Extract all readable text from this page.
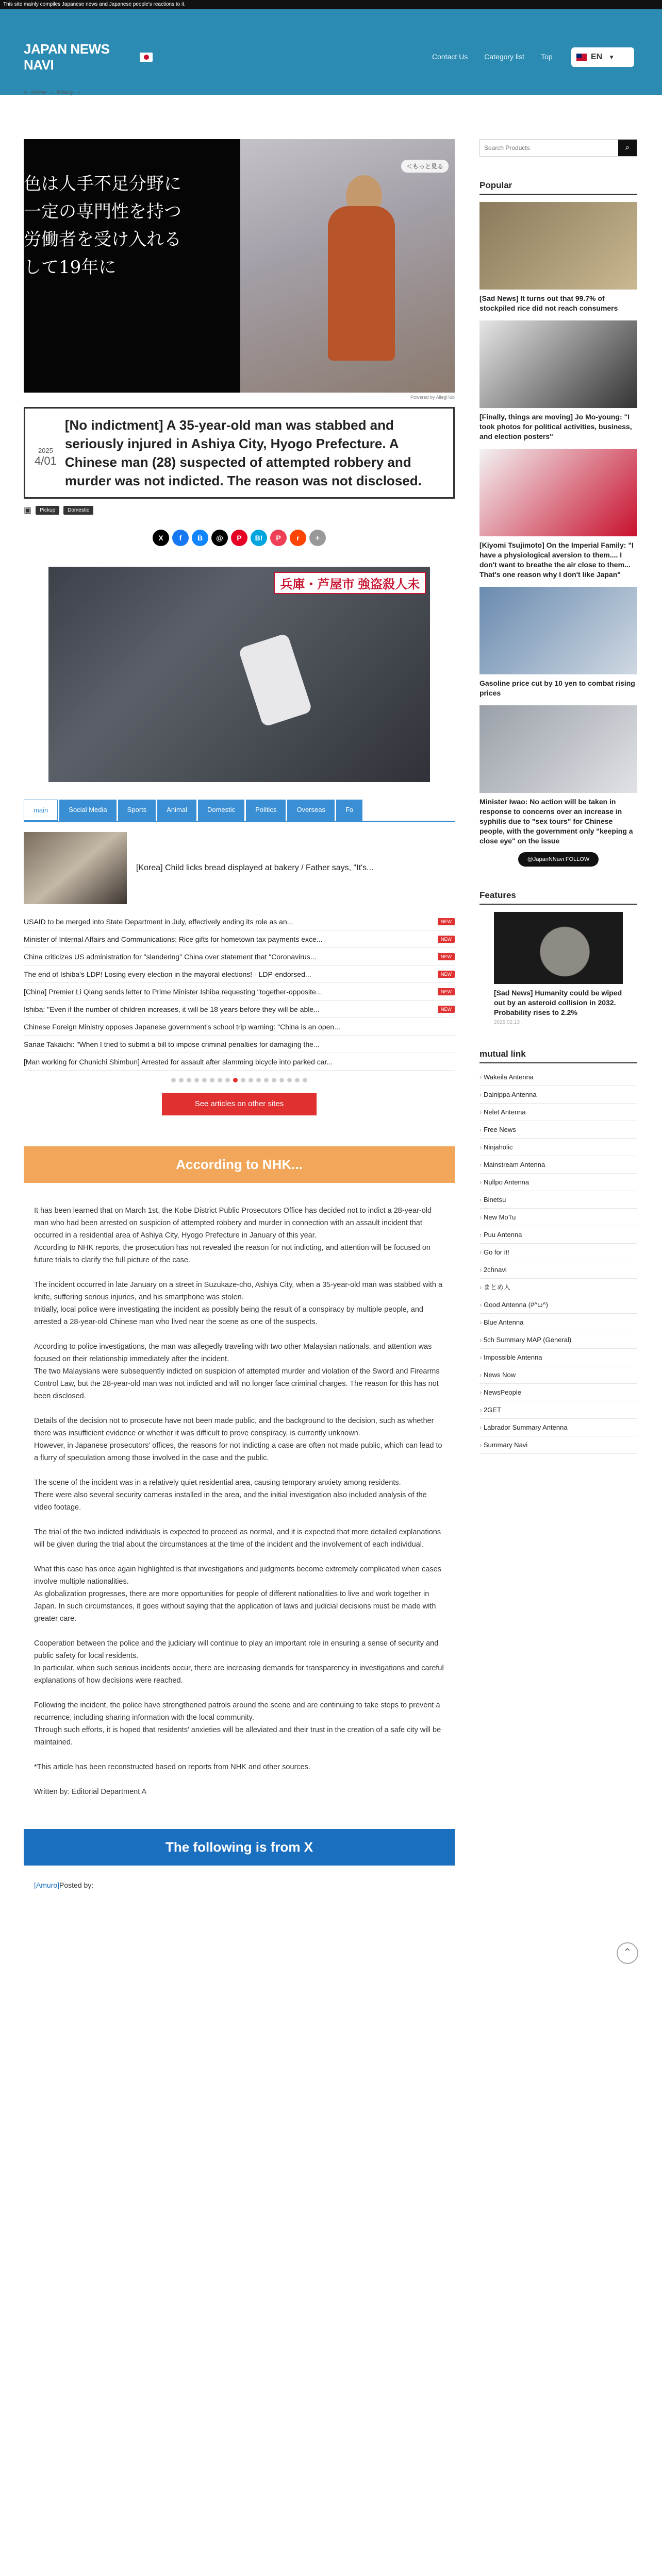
This site mainly compiles Japanese news and Japanese people's reactions to it.
JAPAN NEWS NAVI
Contact Us Category list Top	EN ▼
⌂ Home › Pickup ›
色は人手不足分野に
一定の専門性を持つ
労働者を受け入れる
して19年に
＜もっと見る
Powered by AllegHub
2025
4/01
[No indictment] A 35-year-old man was stabbed and seriously injured in Ashiya City, Hyogo Prefecture. A Chinese man (28) suspected of attempted robbery and murder was not indicted. The reason was not disclosed.
▣	Pickup	Domestic
X	f	B	@	P	B!	P	r	+
兵庫・芦屋市 強盗殺人未
main	Social Media	Sports	Animal	Domestic	Politics	Overseas	Fo
[Korea] Child licks bread displayed at bakery / Father says, "It's...
USAID to be merged into State Department in July, effectively ending its role as an...	NEW
Minister of Internal Affairs and Communications: Rice gifts for hometown tax payments exce...	NEW
China criticizes US administration for "slandering" China over statement that "Coronavirus...	NEW
The end of Ishiba's LDP! Losing every election in the mayoral elections! - LDP-endorsed...	NEW
[China] Premier Li Qiang sends letter to Prime Minister Ishiba requesting "together-opposite...	NEW
Ishiba: "Even if the number of children increases, it will be 18 years before they will be able...	NEW
Chinese Foreign Ministry opposes Japanese government's school trip warning: "China is an open...
Sanae Takaichi: "When I tried to submit a bill to impose criminal penalties for damaging the...
[Man working for Chunichi Shimbun] Arrested for assault after slamming bicycle into parked car...
See articles on other sites
According to NHK...

It has been learned that on March 1st, the Kobe District Public Prosecutors Office has decided not to indict a 28-year-old man who had been arrested on suspicion of attempted robbery and murder in connection with an assault incident that occurred in a residential area of Ashiya City, Hyogo Prefecture in January of this year.
According to NHK reports, the prosecution has not revealed the reason for not indicting, and attention will be focused on future trials to clarify the full picture of the case.

The incident occurred in late January on a street in Suzukaze-cho, Ashiya City, when a 35-year-old man was stabbed with a knife, suffering serious injuries, and his smartphone was stolen.
Initially, local police were investigating the incident as possibly being the result of a conspiracy by multiple people, and arrested a 28-year-old Chinese man who lived near the scene as one of the suspects.

According to police investigations, the man was allegedly traveling with two other Malaysian nationals, and attention was focused on their relationship immediately after the incident.
The two Malaysians were subsequently indicted on suspicion of attempted murder and violation of the Sword and Firearms Control Law, but the 28-year-old man was not indicted and will no longer face criminal charges. The reason for this has not been disclosed.

Details of the decision not to prosecute have not been made public, and the background to the decision, such as whether there was insufficient evidence or whether it was difficult to prove conspiracy, is currently unknown.
However, in Japanese prosecutors' offices, the reasons for not indicting a case are often not made public, which can lead to a flurry of speculation among those involved in the case and the public.

The scene of the incident was in a relatively quiet residential area, causing temporary anxiety among residents.
There were also several security cameras installed in the area, and the initial investigation also included analysis of the video footage.

The trial of the two indicted individuals is expected to proceed as normal, and it is expected that more detailed explanations will be given during the trial about the circumstances at the time of the incident and the involvement of each individual.

What this case has once again highlighted is that investigations and judgments become extremely complicated when cases involve multiple nationalities.
As globalization progresses, there are more opportunities for people of different nationalities to live and work together in Japan. In such circumstances, it goes without saying that the application of laws and judicial decisions must be made with greater care.

Cooperation between the police and the judiciary will continue to play an important role in ensuring a sense of security and public safety for local residents.
In particular, when such serious incidents occur, there are increasing demands for transparency in investigations and careful explanations of how decisions were reached.

Following the incident, the police have strengthened patrols around the scene and are continuing to take steps to prevent a recurrence, including sharing information with the local community.
Through such efforts, it is hoped that residents' anxieties will be alleviated and their trust in the creation of a safe city will be maintained.

*This article has been reconstructed based on reports from NHK and other sources.

Written by: Editorial Department A

The following is from X
[Amuro]Posted by:
Search Products
⌕
Popular
[Sad News] It turns out that 99.7% of stockpiled rice did not reach consumers
[Finally, things are moving] Jo Mo-young: "I took photos for political activities, business, and election posters"
[Kiyomi Tsujimoto] On the Imperial Family: "I have a physiological aversion to them.... I don't want to breathe the air close to them... That's one reason why I don't like Japan"
Gasoline price cut by 10 yen to combat rising prices
Minister Iwao: No action will be taken in response to concerns over an increase in syphilis due to "sex tours" for Chinese people, with the government only "keeping a close eye" on the issue
@JapanNNavi FOLLOW
Features
[Sad News] Humanity could be wiped out by an asteroid collision in 2032. Probability rises to 2.2%
2025.02.13
mutual link
› Wakeila Antenna
› Dainippa Antenna
› Nelet Antenna
› Free News
› Ninjaholic
› Mainstream Antenna
› Nullpo Antenna
› Binetsu
› New MoTu
› Puu Antenna
› Go for it!
› 2chnavi
› まとめ人
› Good Antenna (#^ω^)
› Blue Antenna
› 5ch Summary MAP (General)
› Impossible Antenna
› News Now
› NewsPeople
› 2GET
› Labrador Summary Antenna
› Summary Navi
⌃
